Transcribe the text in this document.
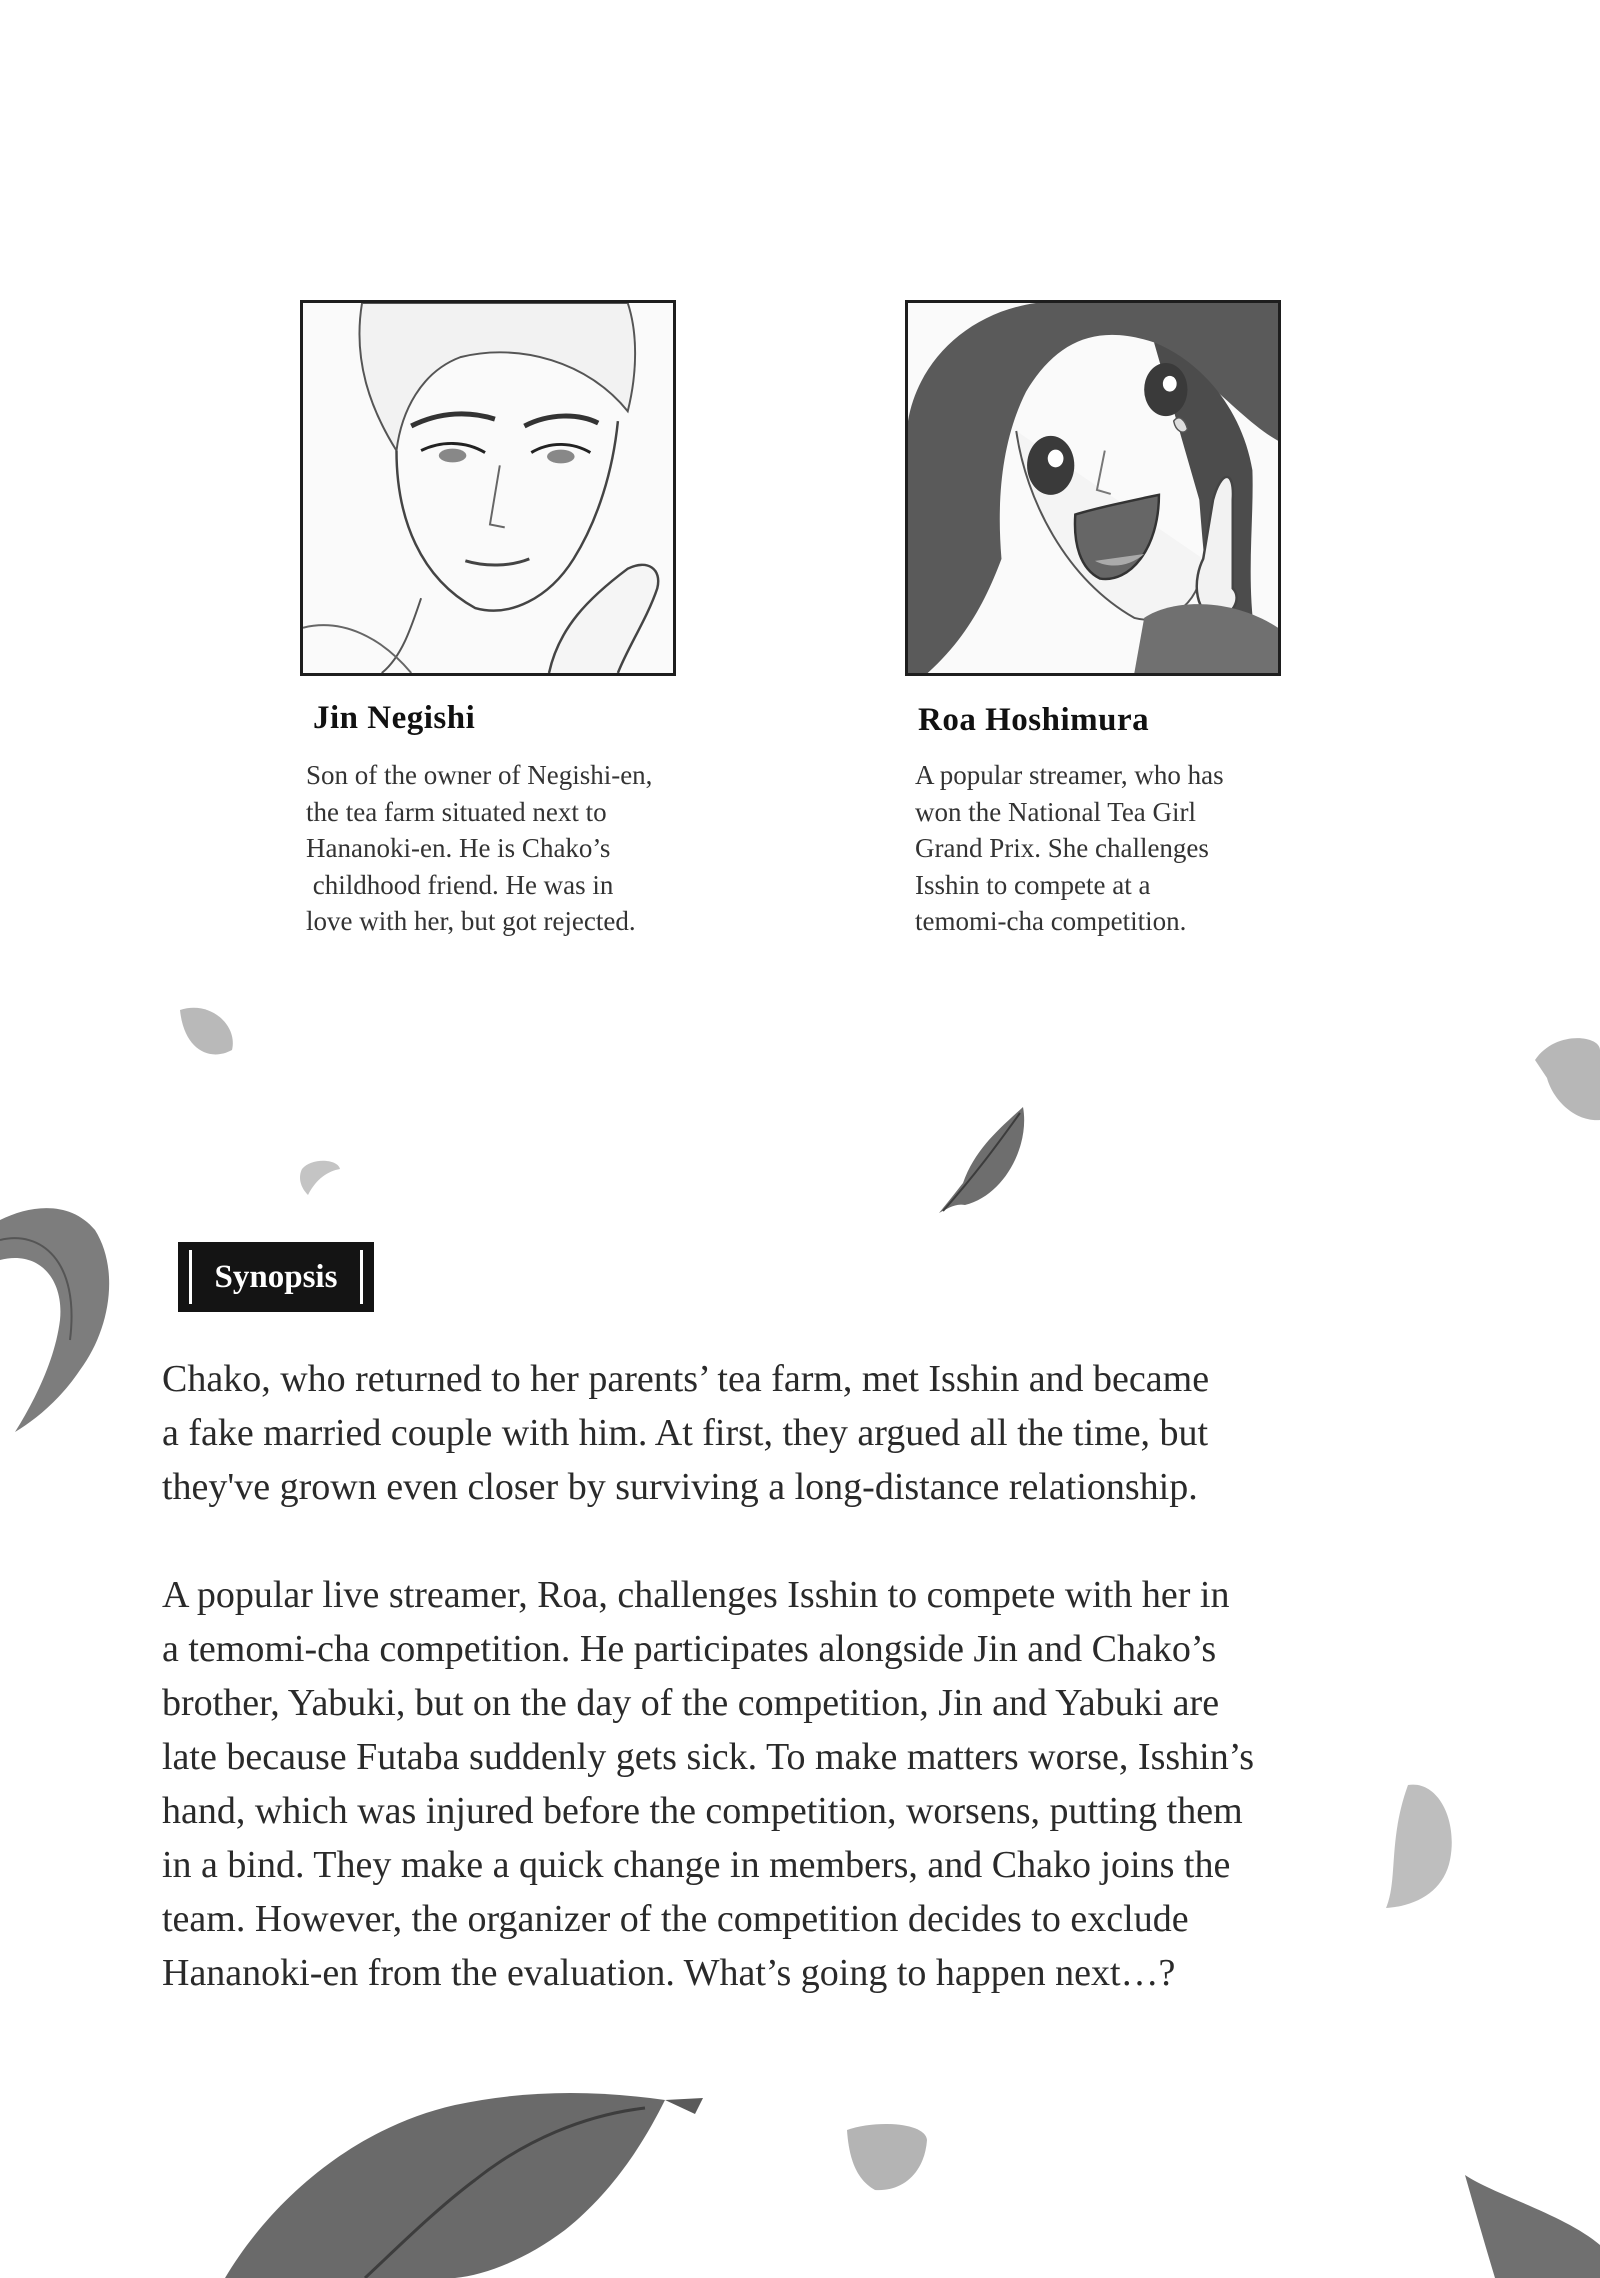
Jin Negishi

Son of the owner of Negishi-en,
the tea farm situated next to
Hananoki-en. He is Chako’s
childhood friend. He was in
love with her, but got rejected.

Roa Hoshimura

A popular streamer, who has
won the National Tea Girl
Grand Prix. She challenges
Isshin to compete at a
temomi-cha competition.

Synopsis

Chako, who returned to her parents’ tea farm, met Isshin and became
a fake married couple with him. At first, they argued all the time, but
they've grown even closer by surviving a long-distance relationship.

A popular live streamer, Roa, challenges Isshin to compete with her in
a temomi-cha competition. He participates alongside Jin and Chako’s
brother, Yabuki, but on the day of the competition, Jin and Yabuki are
late because Futaba suddenly gets sick. To make matters worse, Isshin’s
hand, which was injured before the competition, worsens, putting them
in a bind. They make a quick change in members, and Chako joins the
team. However, the organizer of the competition decides to exclude
Hananoki-en from the evaluation. What’s going to happen next…?
